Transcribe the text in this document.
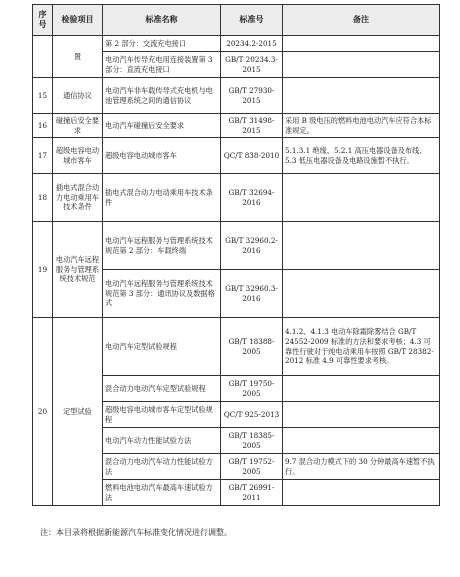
序号	检验项目	标准名称	标准号	备注
	置	第 2 部分：交流充电接口	20234.2-2015	
		电动汽车传导充电用连接装置第 3 部分：直流充电接口	GB/T 20234.3-2015	
15	通信协议	电动汽车非车载传导式充电机与电池管理系统之间的通信协议	GB/T 27930-2015	
16	碰撞后安全要求	电动汽车碰撞后安全要求	GB/T 31498-2015	采用 B 级电压的燃料电池电动汽车应符合本标准规定。
17	超级电容电动城市客车	超级电容电动城市客车	QC/T 838-2010	5.1.3.1 绝缘、5.2.1 高压电器设备及布线、5.3 低压电器设备及电路设施暂不执行。
18	插电式混合动力电动乘用车技术条件	插电式混合动力电动乘用车技术条件	GB/T 32694-2016	
19	电动汽车远程服务与管理系统技术规范	电动汽车远程服务与管理系统技术规范第 2 部分：车载终端	GB/T 32960.2-2016	
		电动汽车远程服务与管理系统技术规范第 3 部分：通讯协议及数据格式	GB/T 32960.3-2016	
20	定型试验	电动汽车定型试验规程	GB/T 18388-2005	4.1.2、4.1.3 电动车除霜除雾结合 GB/T 24552-2009 标准的方法和要求考核；4.3 可靠性行驶对于纯电动乘用车按照 GB/T 28382-2012 标准 4.9 可靠性要求考核。
		混合动力电动汽车定型试验规程	GB/T 19750-2005	
		超级电容电动城市客车定型试验规程	QC/T 925-2013	
		电动汽车动力性能试验方法	GB/T 18385-2005	
		混合动力电动汽车动力性能试验方法	GB/T 19752-2005	9.7 混合动力模式下的 30 分钟最高车速暂不执行。
		燃料电池电动汽车最高车速试验方法	GB/T 26991-2011	
注：本目录将根据新能源汽车标准变化情况进行调整。
